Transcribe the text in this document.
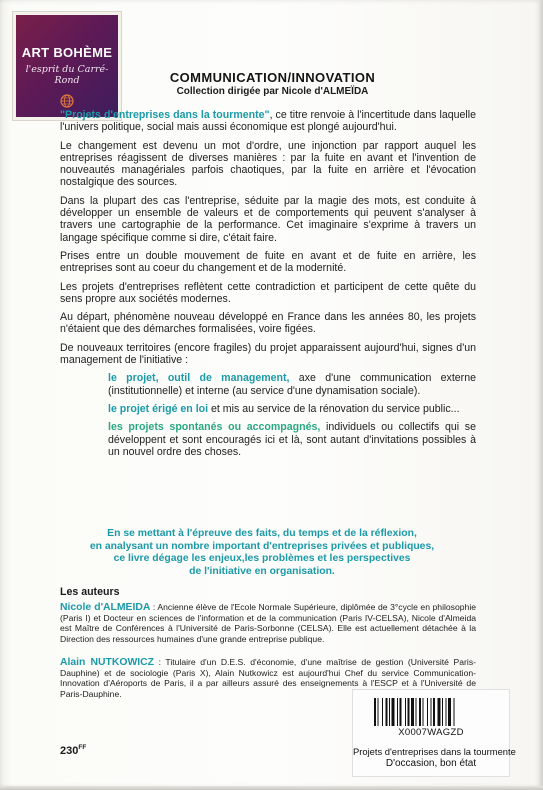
ART BOHÈME
l'esprit du Carré-Rond	COMMUNICATION/INNOVATION
Collection dirigée par Nicole d'ALMEÏDA

"Projets d'entreprises dans la tourmente", ce titre renvoie à l'incertitude dans laquelle l'univers politique, social mais aussi économique est plongé aujourd'hui.

Le changement est devenu un mot d'ordre, une injonction par rapport auquel les entreprises réagissent de diverses manières : par la fuite en avant et l'invention de nouveautés managériales parfois chaotiques, par la fuite en arrière et l'évocation nostalgique des sources.

Dans la plupart des cas l'entreprise, séduite par la magie des mots, est conduite à développer un ensemble de valeurs et de comportements qui peuvent s'analyser à travers une cartographie de la performance. Cet imaginaire s'exprime à travers un langage spécifique comme si dire, c'était faire.

Prises entre un double mouvement de fuite en avant et de fuite en arrière, les entreprises sont au coeur du changement et de la modernité.

Les projets d'entreprises reflètent cette contradiction et participent de cette quête du sens propre aux sociétés modernes.

Au départ, phénomène nouveau développé en France dans les années 80, les projets n'étaient que des démarches formalisées, voire figées.

De nouveaux territoires (encore fragiles) du projet apparaissent aujourd'hui, signes d'un management de l'initiative :

le projet, outil de management, axe d'une communication externe (institutionnelle) et interne (au service d'une dynamisation sociale).

le projet érigé en loi et mis au service de la rénovation du service public...

les projets spontanés ou accompagnés, individuels ou collectifs qui se développent et sont encouragés ici et là, sont autant d'invitations possibles à un nouvel ordre des choses.

En se mettant à l'épreuve des faits, du temps et de la réflexion,
en analysant un nombre important d'entreprises privées et publiques,
ce livre dégage les enjeux,les problèmes et les perspectives
de l'initiative en organisation.
Les auteurs
Nicole d'ALMEIDA : Ancienne élève de l'Ecole Normale Supérieure, diplômée de 3°cycle en philosophie (Paris I) et Docteur en sciences de l'information et de la communication (Paris IV-CELSA), Nicole d'Almeida est Maître de Conférences à l'Université de Paris-Sorbonne (CELSA). Elle est actuellement détachée à la Direction des ressources humaines d'une grande entreprise publique.
Alain NUTKOWICZ : Titulaire d'un D.E.S. d'économie, d'une maîtrise de gestion (Université Paris-Dauphine) et de sociologie (Paris X), Alain Nutkowicz est aujourd'hui Chef du service Communication-Innovation d'Aéroports de Paris, il a par ailleurs assuré des enseignements à l'ESCP et à l'Université de Paris-Dauphine.
$230^{FF}$
X0007WAGZD
Projets d'entreprises dans la tourmente
D'occasion, bon état
